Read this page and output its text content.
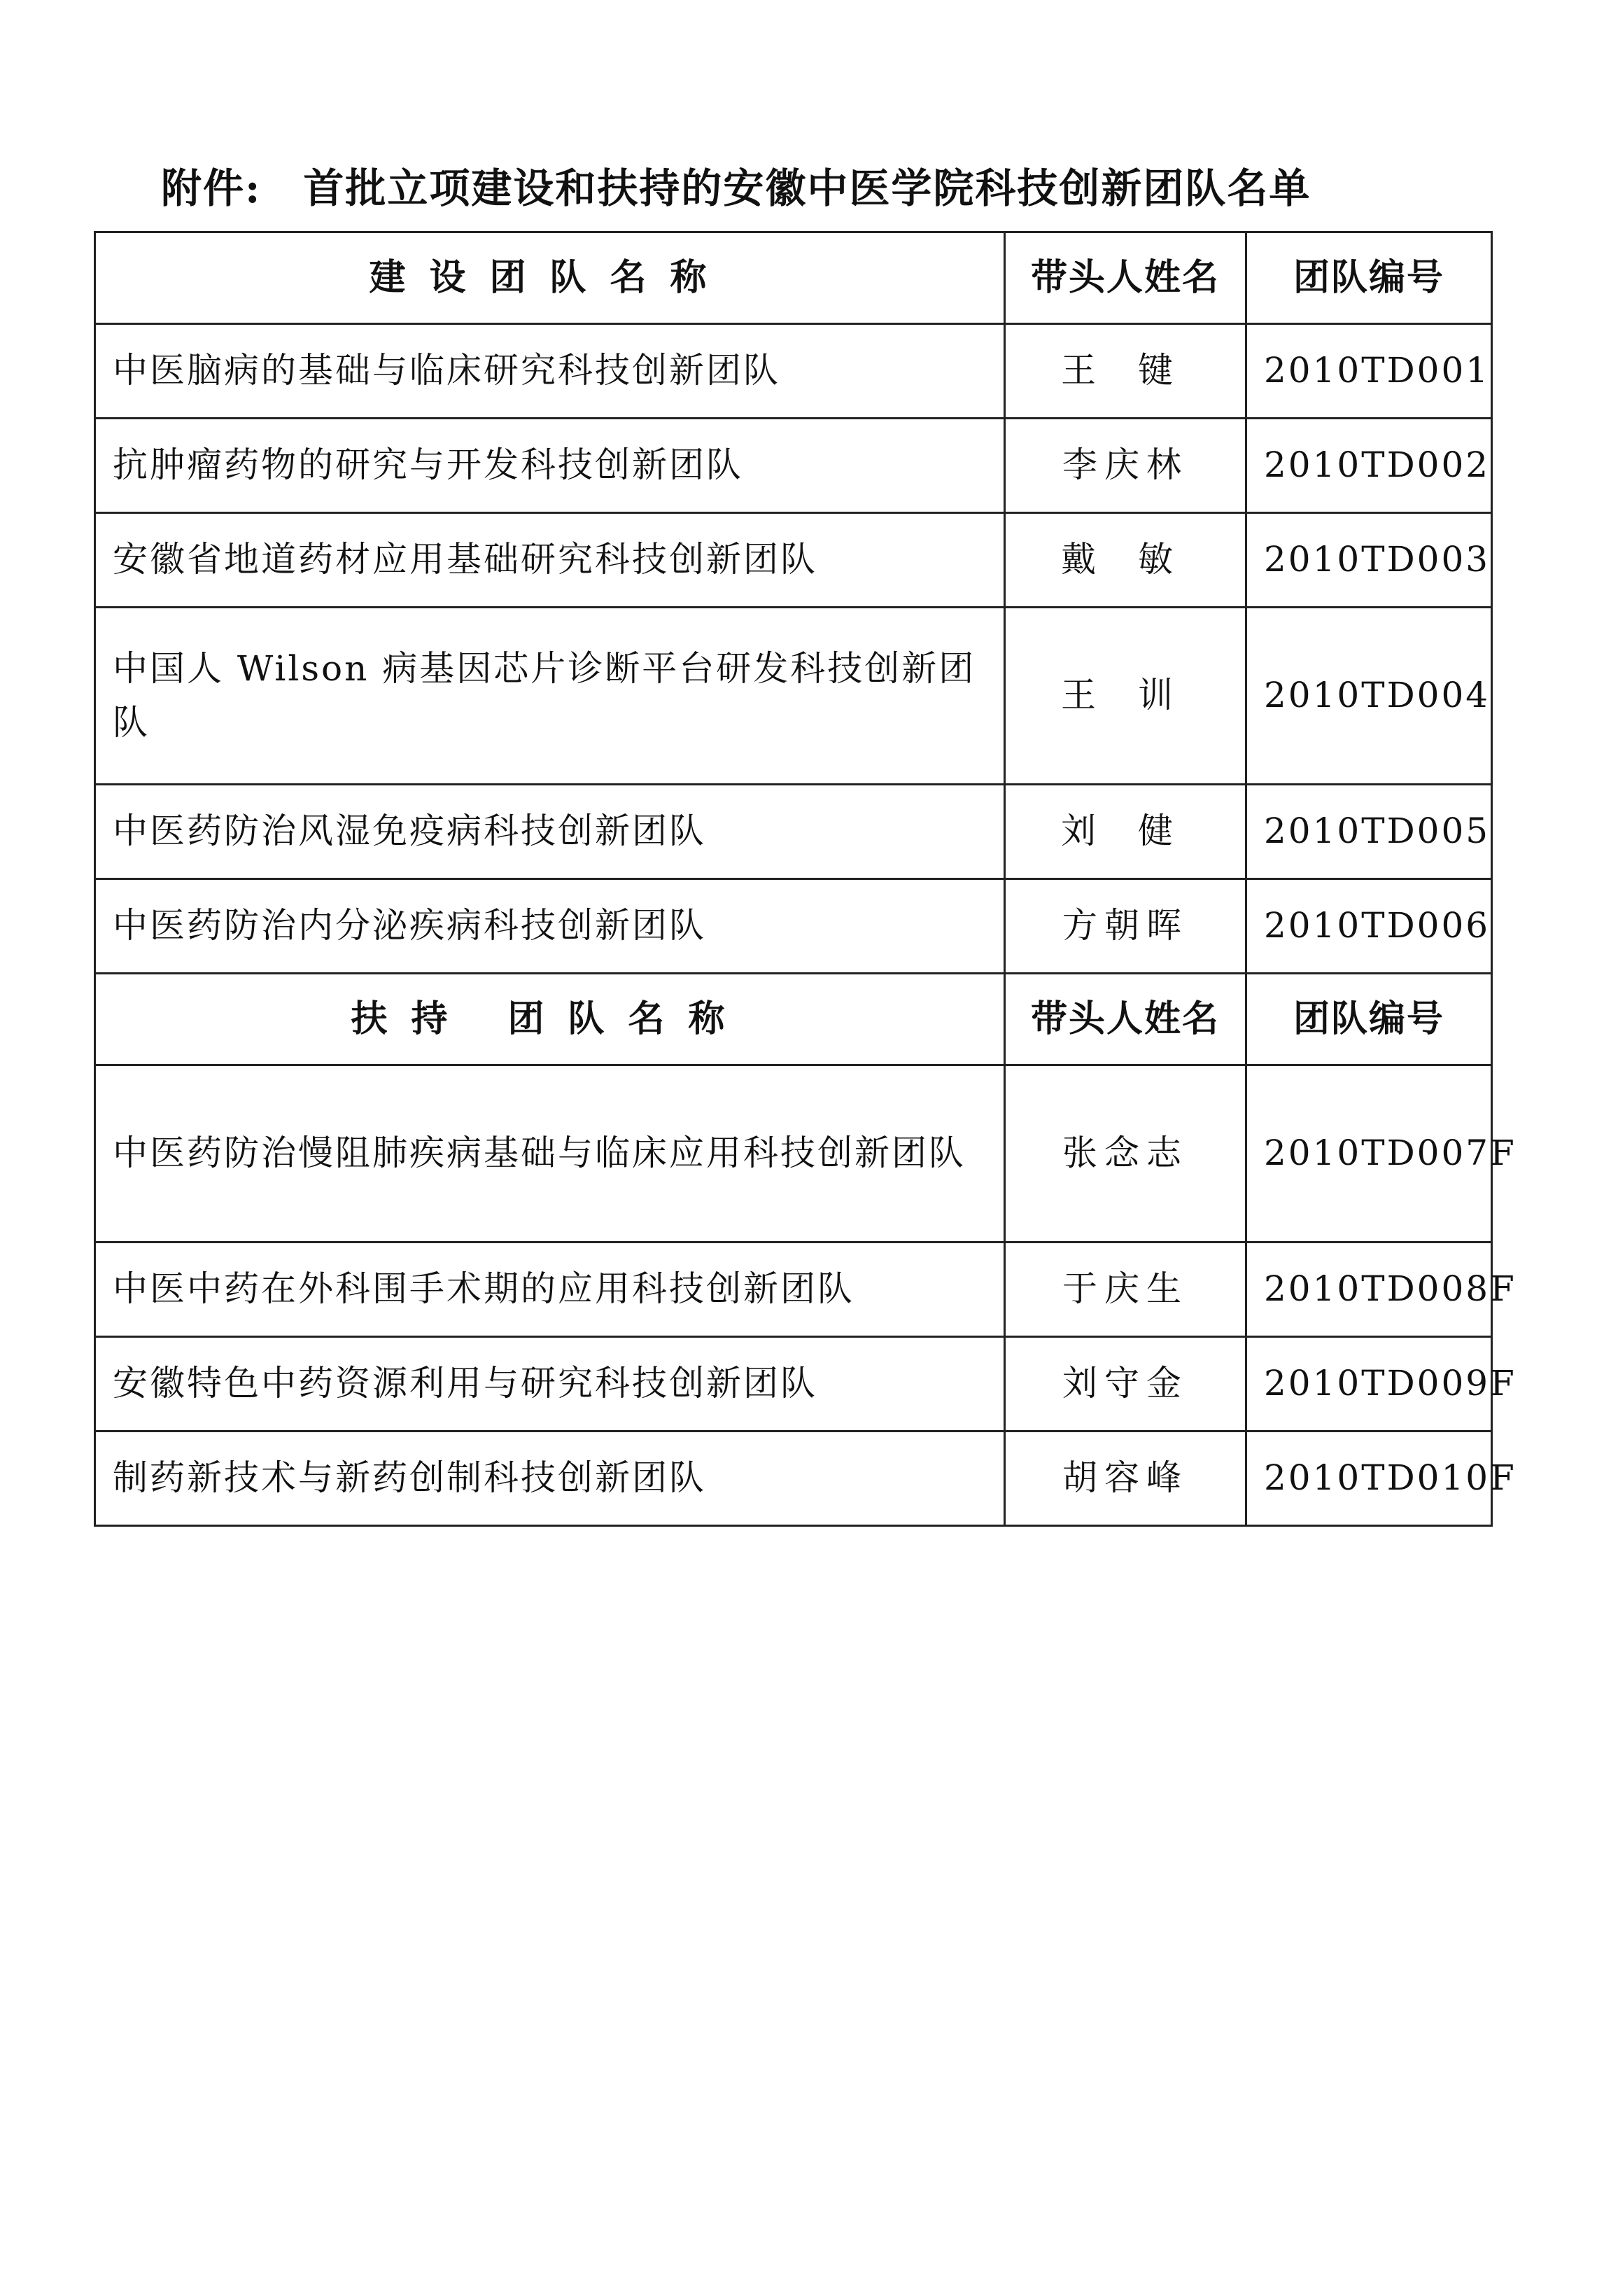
附件: 首批立项建设和扶持的安徽中医学院科技创新团队名单
建设团队名称	带头人姓名	团队编号
中医脑病的基础与临床研究科技创新团队	王键	2010TD001
抗肿瘤药物的研究与开发科技创新团队	李庆林	2010TD002
安徽省地道药材应用基础研究科技创新团队	戴敏	2010TD003
中国人 Wilson 病基因芯片诊断平台研发科技创新团队	王训	2010TD004
中医药防治风湿免疫病科技创新团队	刘健	2010TD005
中医药防治内分泌疾病科技创新团队	方朝晖	2010TD006
扶持 团队名称	带头人姓名	团队编号
中医药防治慢阻肺疾病基础与临床应用科技创新团队	张念志	2010TD007F
中医中药在外科围手术期的应用科技创新团队	于庆生	2010TD008F
安徽特色中药资源利用与研究科技创新团队	刘守金	2010TD009F
制药新技术与新药创制科技创新团队	胡容峰	2010TD010F
